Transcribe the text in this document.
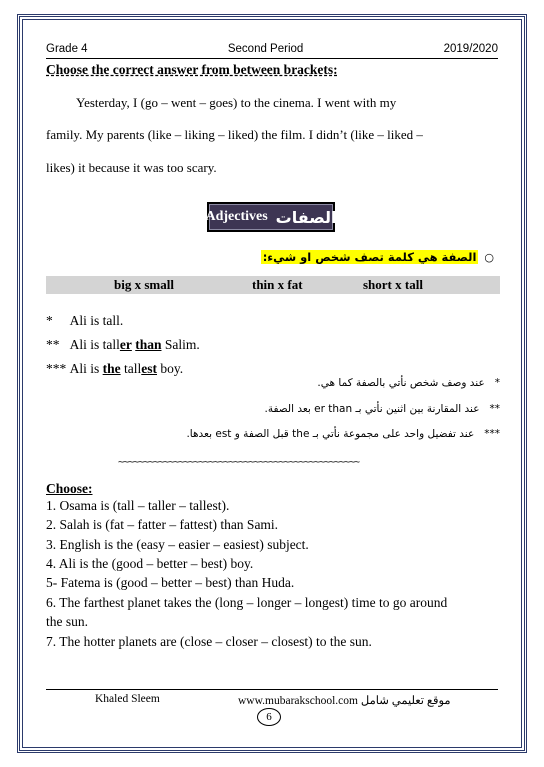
Grade 4	Second Period	2019/2020
Choose the correct answer from between brackets:
Yesterday, I (go – went – goes) to the cinema. I went with my
family. My parents (like – liking – liked) the film. I didn’t (like – liked –
likes) it because it was too scary.
Adjectives الصفات
○
الصفة هي كلمة تصف شخص او شيء:
big x small	thin x fat	short x tall
* Ali is tall.
** Ali is taller than Salim.
*** Ali is the tallest boy.
*
عند وصف شخص نأتي بالصفة كما هي.
**
عند المقارنة بين اثنين نأتي بـ er than بعد الصفة.
***
عند تفضيل واحد على مجموعة نأتي بـ the قبل الصفة و est بعدها.
~~~~~~~~~~~~~~~~~~~~~~~~~~~~~~~~~~~~~~~~~~~~~~~~
Choose:
1. Osama is (tall – taller – tallest).
2. Salah is (fat – fatter – fattest) than Sami.
3. English is the (easy – easier – easiest) subject.
4. Ali is the (good – better – best) boy.
5- Fatema is (good – better – best) than Huda.
6. The farthest planet takes the (long – longer – longest) time to go around
the sun.
7. The hotter planets are (close – closer – closest) to the sun.
Khaled Sleem	www.mubarakschool.com موقع تعليمي شامل
6
